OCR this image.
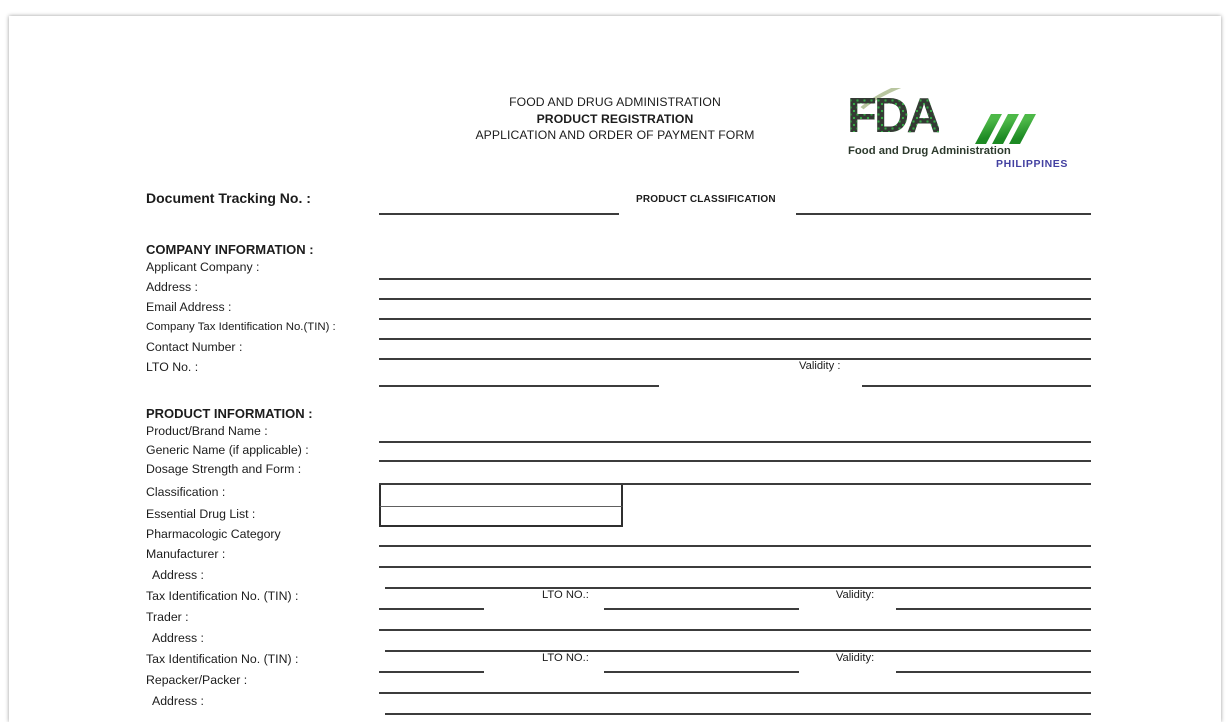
FOOD AND DRUG ADMINISTRATION
PRODUCT REGISTRATION
APPLICATION AND ORDER OF PAYMENT FORM	FDA
Food and Drug Administration
PHILIPPINES
Document Tracking No. :	PRODUCT CLASSIFICATION
COMPANY INFORMATION :
Applicant Company :
Address :
Email Address :
Company Tax Identification No.(TIN) :
Contact Number :
LTO No. :	Validity :
PRODUCT INFORMATION :
Product/Brand Name :
Generic Name (if applicable) :
Dosage Strength and Form :
Classification :
Essential Drug List :
Pharmacologic Category
Manufacturer :
Address :
Tax Identification No. (TIN) :	LTO NO.:	Validity:
Trader :
Address :
Tax Identification No. (TIN) :	LTO NO.:	Validity:
Repacker/Packer :
Address :
